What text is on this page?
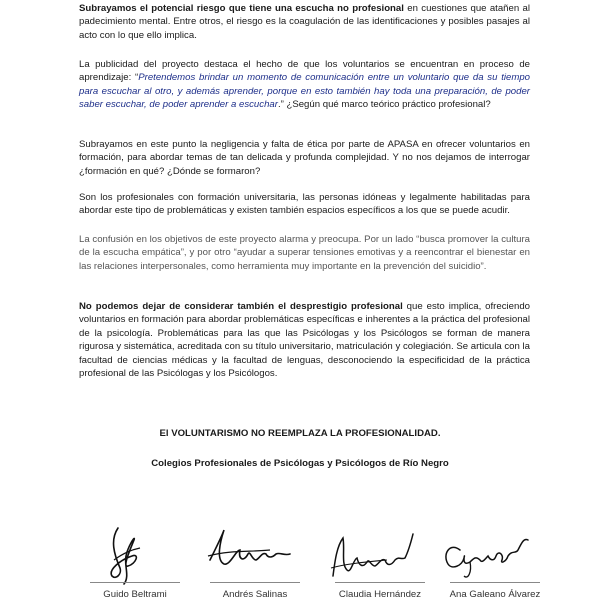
Subrayamos el potencial riesgo que tiene una escucha no profesional en cuestiones que atañen al padecimiento mental. Entre otros, el riesgo es la coagulación de las identificaciones y posibles pasajes al acto con lo que ello implica.

La publicidad del proyecto destaca el hecho de que los voluntarios se encuentran en proceso de aprendizaje: “Pretendemos brindar un momento de comunicación entre un voluntario que da su tiempo para escuchar al otro, y además aprender, porque en esto también hay toda una preparación, de poder saber escuchar, de poder aprender a escuchar.” ¿Según qué marco teórico práctico profesional?

Subrayamos en este punto la negligencia y falta de ética por parte de APASA en ofrecer voluntarios en formación, para abordar temas de tan delicada y profunda complejidad. Y no nos dejamos de interrogar ¿formación en qué? ¿Dónde se formaron?

Son los profesionales con formación universitaria, las personas idóneas y legalmente habilitadas para abordar este tipo de problemáticas y existen también espacios específicos a los que se puede acudir.

La confusión en los objetivos de este proyecto alarma y preocupa. Por un lado “busca promover la cultura de la escucha empática”, y por otro “ayudar a superar tensiones emotivas y a reencontrar el bienestar en las relaciones interpersonales, como herramienta muy importante en la prevención del suicidio”.

No podemos dejar de considerar también el desprestigio profesional que esto implica, ofreciendo voluntarios en formación para abordar problemáticas específicas e inherentes a la práctica del profesional de la psicología. Problemáticas para las que las Psicólogas y los Psicólogos se forman de manera rigurosa y sistemática, acreditada con su título universitario, matriculación y colegiación. Se articula con la facultad de ciencias médicas y la facultad de lenguas, desconociendo la especificidad de la práctica profesional de las Psicólogas y los Psicólogos.

El VOLUNTARISMO NO REEMPLAZA LA PROFESIONALIDAD.

Colegios Profesionales de Psicólogas y Psicólogos de Río Negro

Guido Beltrami	Andrés Salinas	Claudia Hernández	Ana Galeano Álvarez
